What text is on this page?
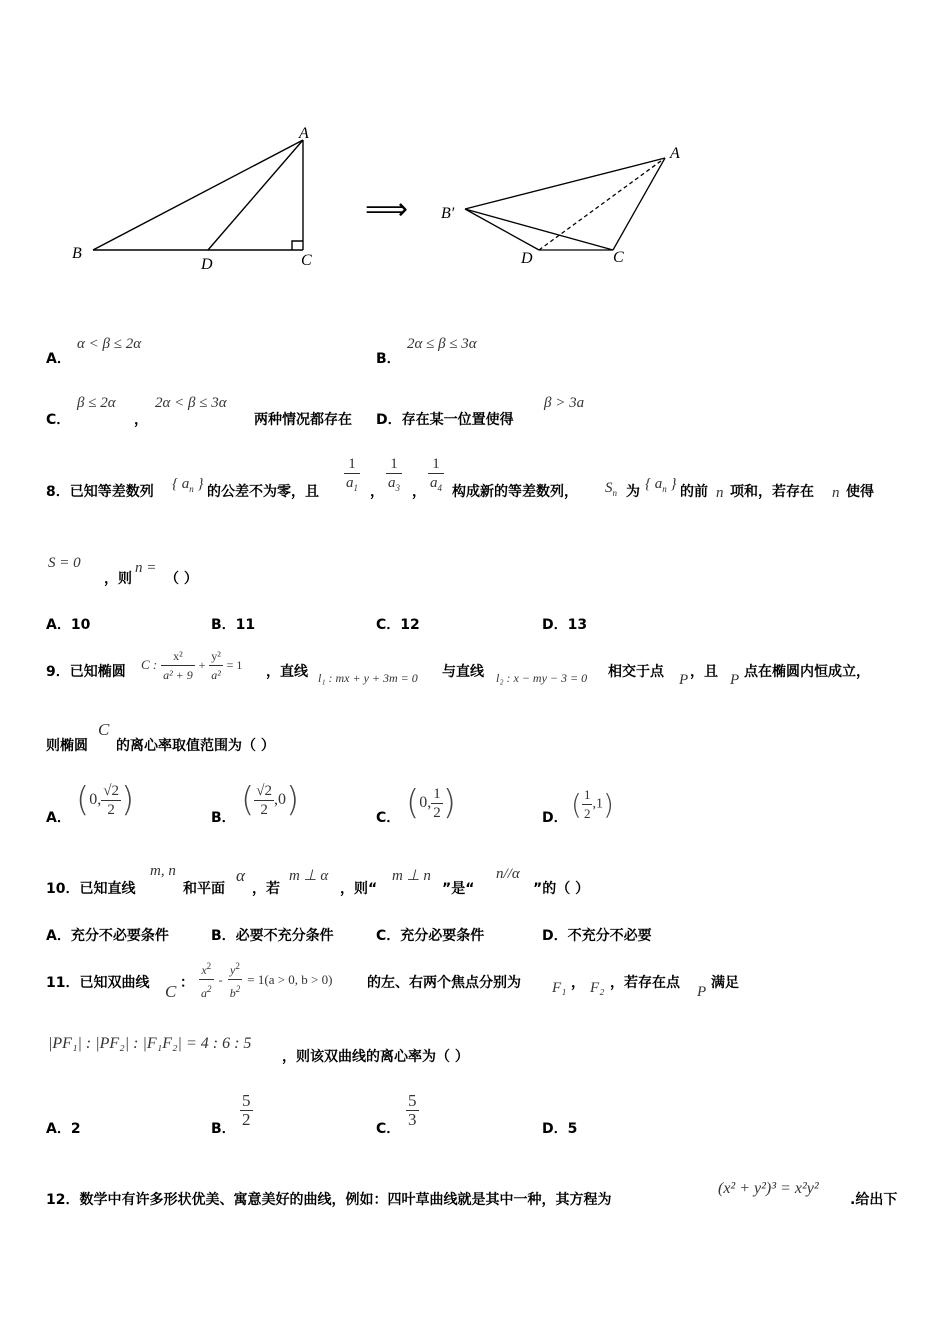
A
B
D	C
⟹
A
B′
D	C
A．
α < β ≤ 2α
B．
2α ≤ β ≤ 3α
C．
β ≤ 2α
，
2α < β ≤ 3α
两种情况都存在 D．存在某一位置使得
β > 3a
8．已知等差数列 { $a_n$ } 的公差不为零，且 $\frac{1}{a_1}$ ， $\frac{1}{a_3}$ ， $\frac{1}{a_4}$ 构成新的等差数列， $S_n$ 为 { $a_n$ } 的前 n 项和，若存在 n 使得
S = 0
，则
n =
（ ）
A．10	B．11	C．12	D．13
9．已知椭圆 C : $\frac{\text{x²}}{\text{a² + 9}} + \frac{\text{y²}}{\text{a²}} = 1$ ，直线 l₁ : mx + y + 3m = 0 与直线 l₂ : x − my − 3 = 0 相交于点 P ，且 P 点在椭圆内恒成立，
则椭圆
C
的离心率取值范围为（ ）
A． (0, $\frac{√2}{2}$ )	B． ( $\frac{√2}{2} ,0$)	C． (0, $\frac{1}{2}$ )	D． ( $\frac{1}{2} ,1$)
10．已知直线
m, n
和平面
α
，若
m ⊥ α
，则“
m ⊥ n
”是“
n//α
”的（ ）
A．充分不必要条件	B．必要不充分条件	C．充分必要条件	D．不充分不必要
11．已知双曲线 C ： $\frac{x^2}{a^2} - \frac{y^2}{b^2} = 1(a > 0$, b > 0) 的左、右两个焦点分别为 F₁ ， F₂ ，若存在点
P
满足
|PF₁| : |PF₂| : |F₁F₂| = 4 : 6 : 5
，则该双曲线的离心率为（ ）
A．2	B． $\frac{5}{2}$	C． $\frac{5}{3}$	D．5
12．数学中有许多形状优美、寓意美好的曲线，例如：四叶草曲线就是其中一种，其方程为
(x² + y²)³ = x²y²
.给出下
